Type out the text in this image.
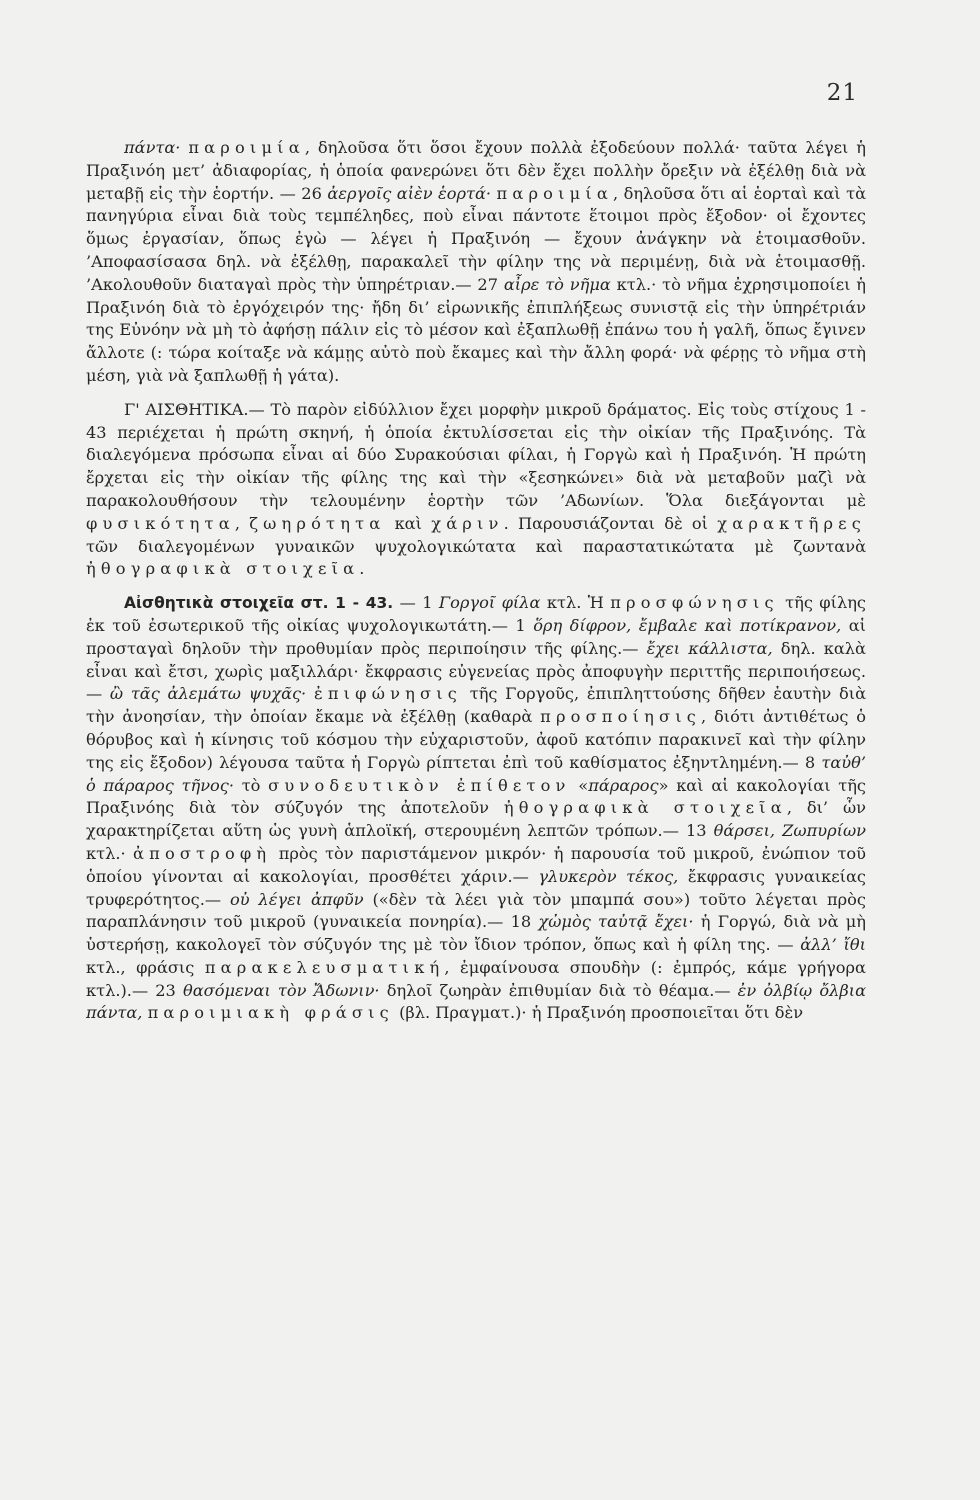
21

πάντα· παροιμία, δηλοῦσα ὅτι ὅσοι ἔχουν πολλὰ ἐξοδεύουν πολλά· ταῦτα λέγει ἡ Πραξινόη μετ’ ἀδιαφορίας, ἡ ὁποία φανερώνει ὅτι δὲν ἔχει πολλὴν ὄρεξιν νὰ ἐξέλθῃ διὰ νὰ μεταβῇ εἰς τὴν ἑορτήν. — 26 ἀεργοῖς αἰὲν ἑορτά· παροιμία, δηλοῦσα ὅτι αἱ ἑορταὶ καὶ τὰ πανηγύρια εἶναι διὰ τοὺς τεμπέληδες, ποὺ εἶναι πάντοτε ἕτοιμοι πρὸς ἔξοδον· οἱ ἔχοντες ὅμως ἐργασίαν, ὅπως ἐγὼ — λέγει ἡ Πραξινόη — ἔχουν ἀνάγκην νὰ ἑτοιμασθοῦν. ’Αποφασίσασα δηλ. νὰ ἐξέλθῃ, παρακαλεῖ τὴν φίλην της νὰ περιμένῃ, διὰ νὰ ἑτοιμασθῇ. ’Ακολουθοῦν διαταγαὶ πρὸς τὴν ὑπηρέτριαν.— 27 αἶρε τὸ νῆμα κτλ.· τὸ νῆμα ἐχρησιμοποίει ἡ Πραξινόη διὰ τὸ ἐργόχειρόν της· ἤδη δι’ εἰρωνικῆς ἐπιπλήξεως συνιστᾷ εἰς τὴν ὑπηρέτριάν της Εὐνόην νὰ μὴ τὸ ἀφήσῃ πάλιν εἰς τὸ μέσον καὶ ἐξαπλωθῇ ἐπάνω του ἡ γαλῆ, ὅπως ἔγινεν ἄλλοτε (: τώρα κοίταξε νὰ κάμῃς αὐτὸ ποὺ ἔκαμες καὶ τὴν ἄλλη φορά· νὰ φέρῃς τὸ νῆμα στὴ μέση, γιὰ νὰ ξαπλωθῇ ἡ γάτα).

Γ' ΑΙΣΘΗΤΙΚΑ.— Τὸ παρὸν εἰδύλλιον ἔχει μορφὴν μικροῦ δράματος. Εἰς τοὺς στίχους 1 - 43 περιέχεται ἡ πρώτη σκηνή, ἡ ὁποία ἐκτυλίσσεται εἰς τὴν οἰκίαν τῆς Πραξινόης. Τὰ διαλεγόμενα πρόσωπα εἶναι αἱ δύο Συρακούσιαι φίλαι, ἡ Γοργὼ καὶ ἡ Πραξινόη. Ἡ πρώτη ἔρχεται εἰς τὴν οἰκίαν τῆς φίλης της καὶ τὴν «ξεσηκώνει» διὰ νὰ μεταβοῦν μαζὶ νὰ παρακολουθήσουν τὴν τελουμένην ἑορτὴν τῶν ’Αδωνίων. Ὅλα διεξάγονται μὲ φυσικότητα, ζωηρότητα καὶ χάριν. Παρουσιάζονται δὲ οἱ χαρακτῆρες τῶν διαλεγομένων γυναικῶν ψυχολογικώτατα καὶ παραστατικώτατα μὲ ζωντανὰ ἠθογραφικὰ στοιχεῖα.

Αἰσθητικὰ στοιχεῖα στ. 1 - 43. — 1 Γοργοῖ φίλα κτλ. Ἡ προσφώνησις τῆς φίλης ἐκ τοῦ ἐσωτερικοῦ τῆς οἰκίας ψυχολογικωτάτη.— 1 ὅρη δίφρον, ἔμβαλε καὶ ποτίκρανον, αἱ προσταγαὶ δηλοῦν τὴν προθυμίαν πρὸς περιποίησιν τῆς φίλης.— ἔχει κάλλιστα, δηλ. καλὰ εἶναι καὶ ἔτσι, χωρὶς μαξιλλάρι· ἔκφρασις εὐγενείας πρὸς ἀποφυγὴν περιττῆς περιποιήσεως.— ὢ τᾶς ἀλεμάτω ψυχᾶς· ἐπιφώνησις τῆς Γοργοῦς, ἐπιπληττούσης δῆθεν ἑαυτὴν διὰ τὴν ἀνοησίαν, τὴν ὁποίαν ἔκαμε νὰ ἐξέλθῃ (καθαρὰ προσποίησις, διότι ἀντιθέτως ὁ θόρυβος καὶ ἡ κίνησις τοῦ κόσμου τὴν εὐχαριστοῦν, ἀφοῦ κατόπιν παρακινεῖ καὶ τὴν φίλην της εἰς ἔξοδον) λέγουσα ταῦτα ἡ Γοργὼ ρίπτεται ἐπὶ τοῦ καθίσματος ἐξηντλημένη.— 8 ταὐθ’ ὁ πάραρος τῆνος· τὸ συνοδευτικὸν ἐπίθετον «πάραρος» καὶ αἱ κακολογίαι τῆς Πραξινόης διὰ τὸν σύζυγόν της ἀποτελοῦν ἠθογραφικὰ στοιχεῖα, δι’ ὧν χαρακτηρίζεται αὕτη ὡς γυνὴ ἁπλοϊκή, στερουμένη λεπτῶν τρόπων.— 13 θάρσει, Ζωπυρίων κτλ.· ἀποστροφὴ πρὸς τὸν παριστάμενον μικρόν· ἡ παρουσία τοῦ μικροῦ, ἐνώπιον τοῦ ὁποίου γίνονται αἱ κακολογίαι, προσθέτει χάριν.— γλυκερὸν τέκος, ἔκφρασις γυναικείας τρυφερότητος.— οὐ λέγει ἀπφῦν («δὲν τὰ λέει γιὰ τὸν μπαμπά σου») τοῦτο λέγεται πρὸς παραπλάνησιν τοῦ μικροῦ (γυναικεία πονηρία).— 18 χὠμὸς ταὐτᾷ ἔχει· ἡ Γοργώ, διὰ νὰ μὴ ὑστερήσῃ, κακολογεῖ τὸν σύζυγόν της μὲ τὸν ἴδιον τρόπον, ὅπως καὶ ἡ φίλη της. — ἀλλ’ ἴθι κτλ., φράσις παρακελευσματική, ἐμφαίνουσα σπουδὴν (: ἐμπρός, κάμε γρήγορα κτλ.).— 23 θασόμεναι τὸν Ἄδωνιν· δηλοῖ ζωηρὰν ἐπιθυμίαν διὰ τὸ θέαμα.— ἐν ὀλβίῳ ὄλβια πάντα, παροιμιακὴ φράσις (βλ. Πραγματ.)· ἡ Πραξινόη προσποιεῖται ὅτι δὲν
